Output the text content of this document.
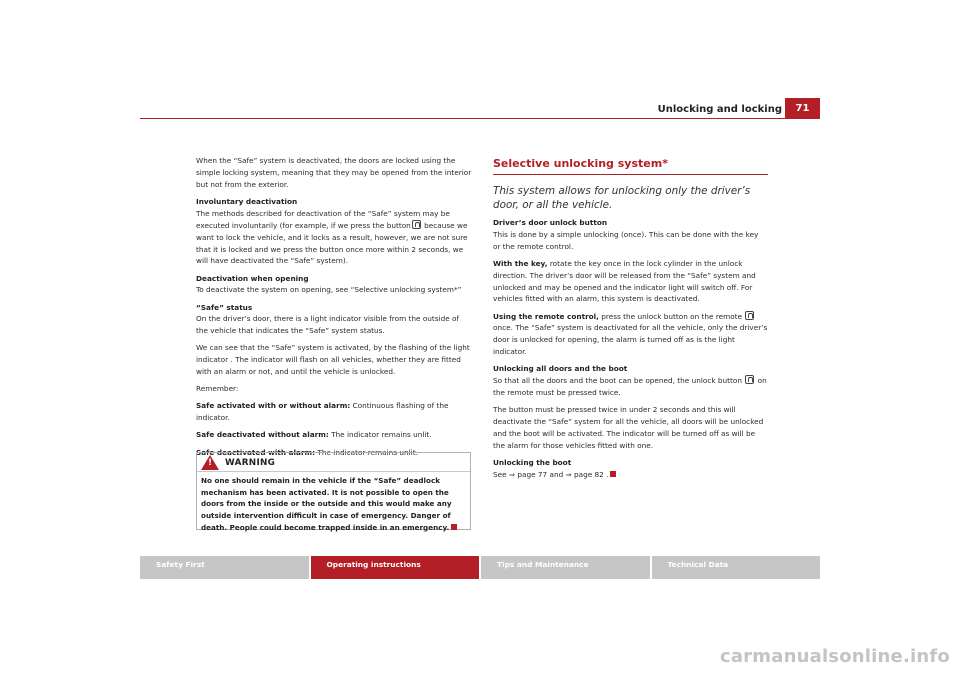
Unlocking and locking	71

When the “Safe” system is deactivated, the doors are locked using the simple locking system, meaning that they may be opened from the interior but not from the exterior.

Involuntary deactivation

The methods described for deactivation of the “Safe” system may be executed involuntarily (for example, if we press the button because we want to lock the vehicle, and it locks as a result, however, we are not sure that it is locked and we press the button once more within 2 seconds, we will have deactivated the “Safe” system).

Deactivation when opening

To deactivate the system on opening, see “Selective unlocking system*”

“Safe” status

On the driver’s door, there is a light indicator visible from the outside of the vehicle that indicates the “Safe” system status.

We can see that the “Safe” system is activated, by the flashing of the light indicator . The indicator will flash on all vehicles, whether they are fitted with an alarm or not, and until the vehicle is unlocked.

Remember:

Safe activated with or without alarm: Continuous flashing of the indicator.

Safe deactivated without alarm: The indicator remains unlit.

Safe deactivated with alarm: The indicator remains unlit.

!
WARNING
No one should remain in the vehicle if the “Safe” deadlock mechanism has been activated. It is not possible to open the doors from the inside or the outside and this would make any outside intervention difficult in case of emergency. Danger of death. People could become trapped inside in an emergency.
Selective unlocking system*
This system allows for unlocking only the driver’s door, or all the vehicle.

Driver’s door unlock button

This is done by a simple unlocking (once). This can be done with the key or the remote control.

With the key, rotate the key once in the lock cylinder in the unlock direction. The driver’s door will be released from the “Safe” system and unlocked and may be opened and the indicator light will switch off. For vehicles fitted with an alarm, this system is deactivated.

Using the remote control, press the unlock button on the remote  once. The “Safe” system is deactivated for all the vehicle, only the driver’s door is unlocked for opening, the alarm is turned off as is the light indicator.

Unlocking all doors and the boot

So that all the doors and the boot can be opened, the unlock button on the remote must be pressed twice.

The button must be pressed twice in under 2 seconds and this will deactivate the “Safe” system for all the vehicle, all doors will be unlocked and the boot will be activated. The indicator will be turned off as will be the alarm for those vehicles fitted with one.

Unlocking the boot

See ⇒ page 77 and ⇒ page 82 .

Safety First	Operating instructions	Tips and Maintenance	Technical Data
carmanualsonline.info
